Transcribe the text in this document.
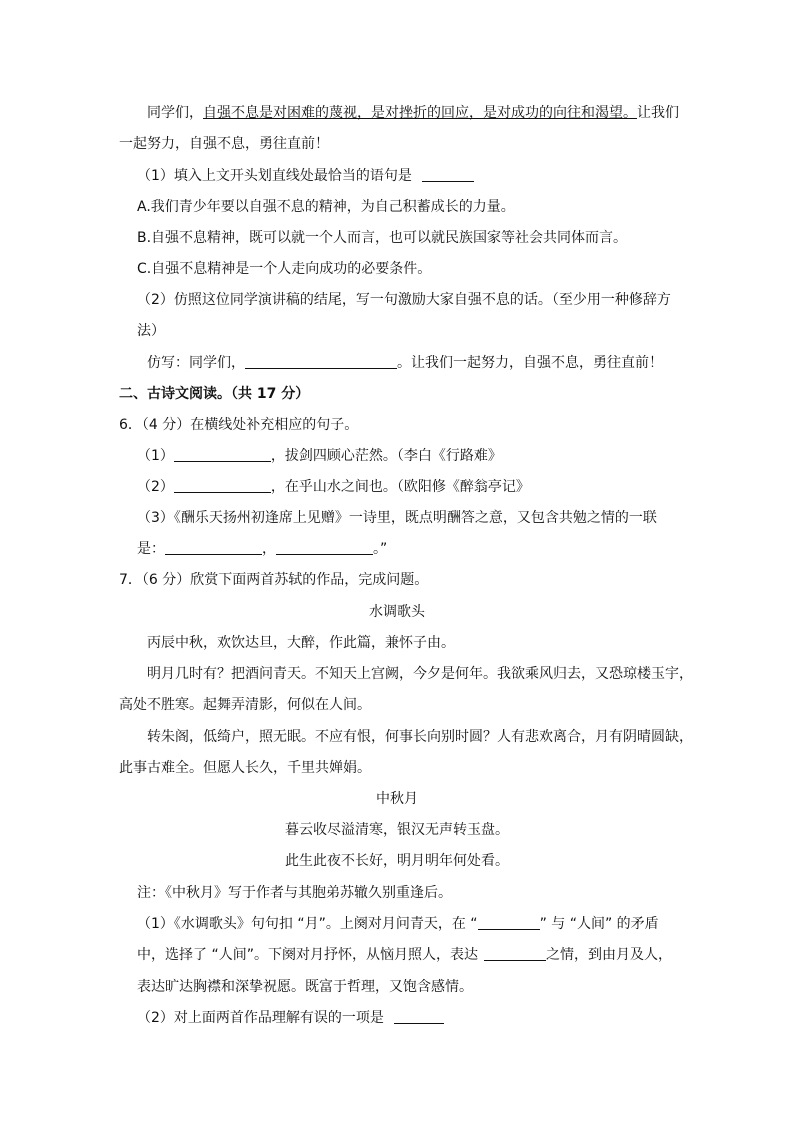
同学们，自强不息是对困难的蔑视，是对挫折的回应，是对成功的向往和渴望。让我们
一起努力，自强不息，勇往直前！
（1）填入上文开头划直线处最恰当的语句是
A.我们青少年要以自强不息的精神，为自己积蓄成长的力量。
B.自强不息精神，既可以就一个人而言，也可以就民族国家等社会共同体而言。
C.自强不息精神是一个人走向成功的必要条件。
（2）仿照这位同学演讲稿的结尾，写一句激励大家自强不息的话。（至少用一种修辞方
法）
仿写：同学们，	。让我们一起努力，自强不息，勇往直前！
二、古诗文阅读。（共 17 分）
6．（4 分）在横线处补充相应的句子。
（1）	，拔剑四顾心茫然。（李白《行路难》
（2）	，在乎山水之间也。（欧阳修《醉翁亭记》
（3）《酬乐天扬州初逢席上见赠》一诗里，既点明酬答之意，又包含共勉之情的一联
是：	，	。”
7．（6 分）欣赏下面两首苏轼的作品，完成问题。
水调歌头
丙辰中秋，欢饮达旦，大醉，作此篇，兼怀子由。
明月几时有？把酒问青天。不知天上宫阙，今夕是何年。我欲乘风归去，又恐琼楼玉宇，
高处不胜寒。起舞弄清影，何似在人间。
转朱阁，低绮户，照无眠。不应有恨，何事长向别时圆？人有悲欢离合，月有阴晴圆缺，
此事古难全。但愿人长久，千里共婵娟。
中秋月
暮云收尽溢清寒，银汉无声转玉盘。
此生此夜不长好，明月明年何处看。
注：《中秋月》写于作者与其胞弟苏辙久别重逢后。
（1）《水调歌头》句句扣 “月”。上阕对月问青天，在 “	” 与 “人间” 的矛盾
中，选择了 “人间”。下阕对月抒怀，从恼月照人，表达	之情，到由月及人，
表达旷达胸襟和深挚祝愿。既富于哲理，又饱含感情。
（2）对上面两首作品理解有误的一项是
